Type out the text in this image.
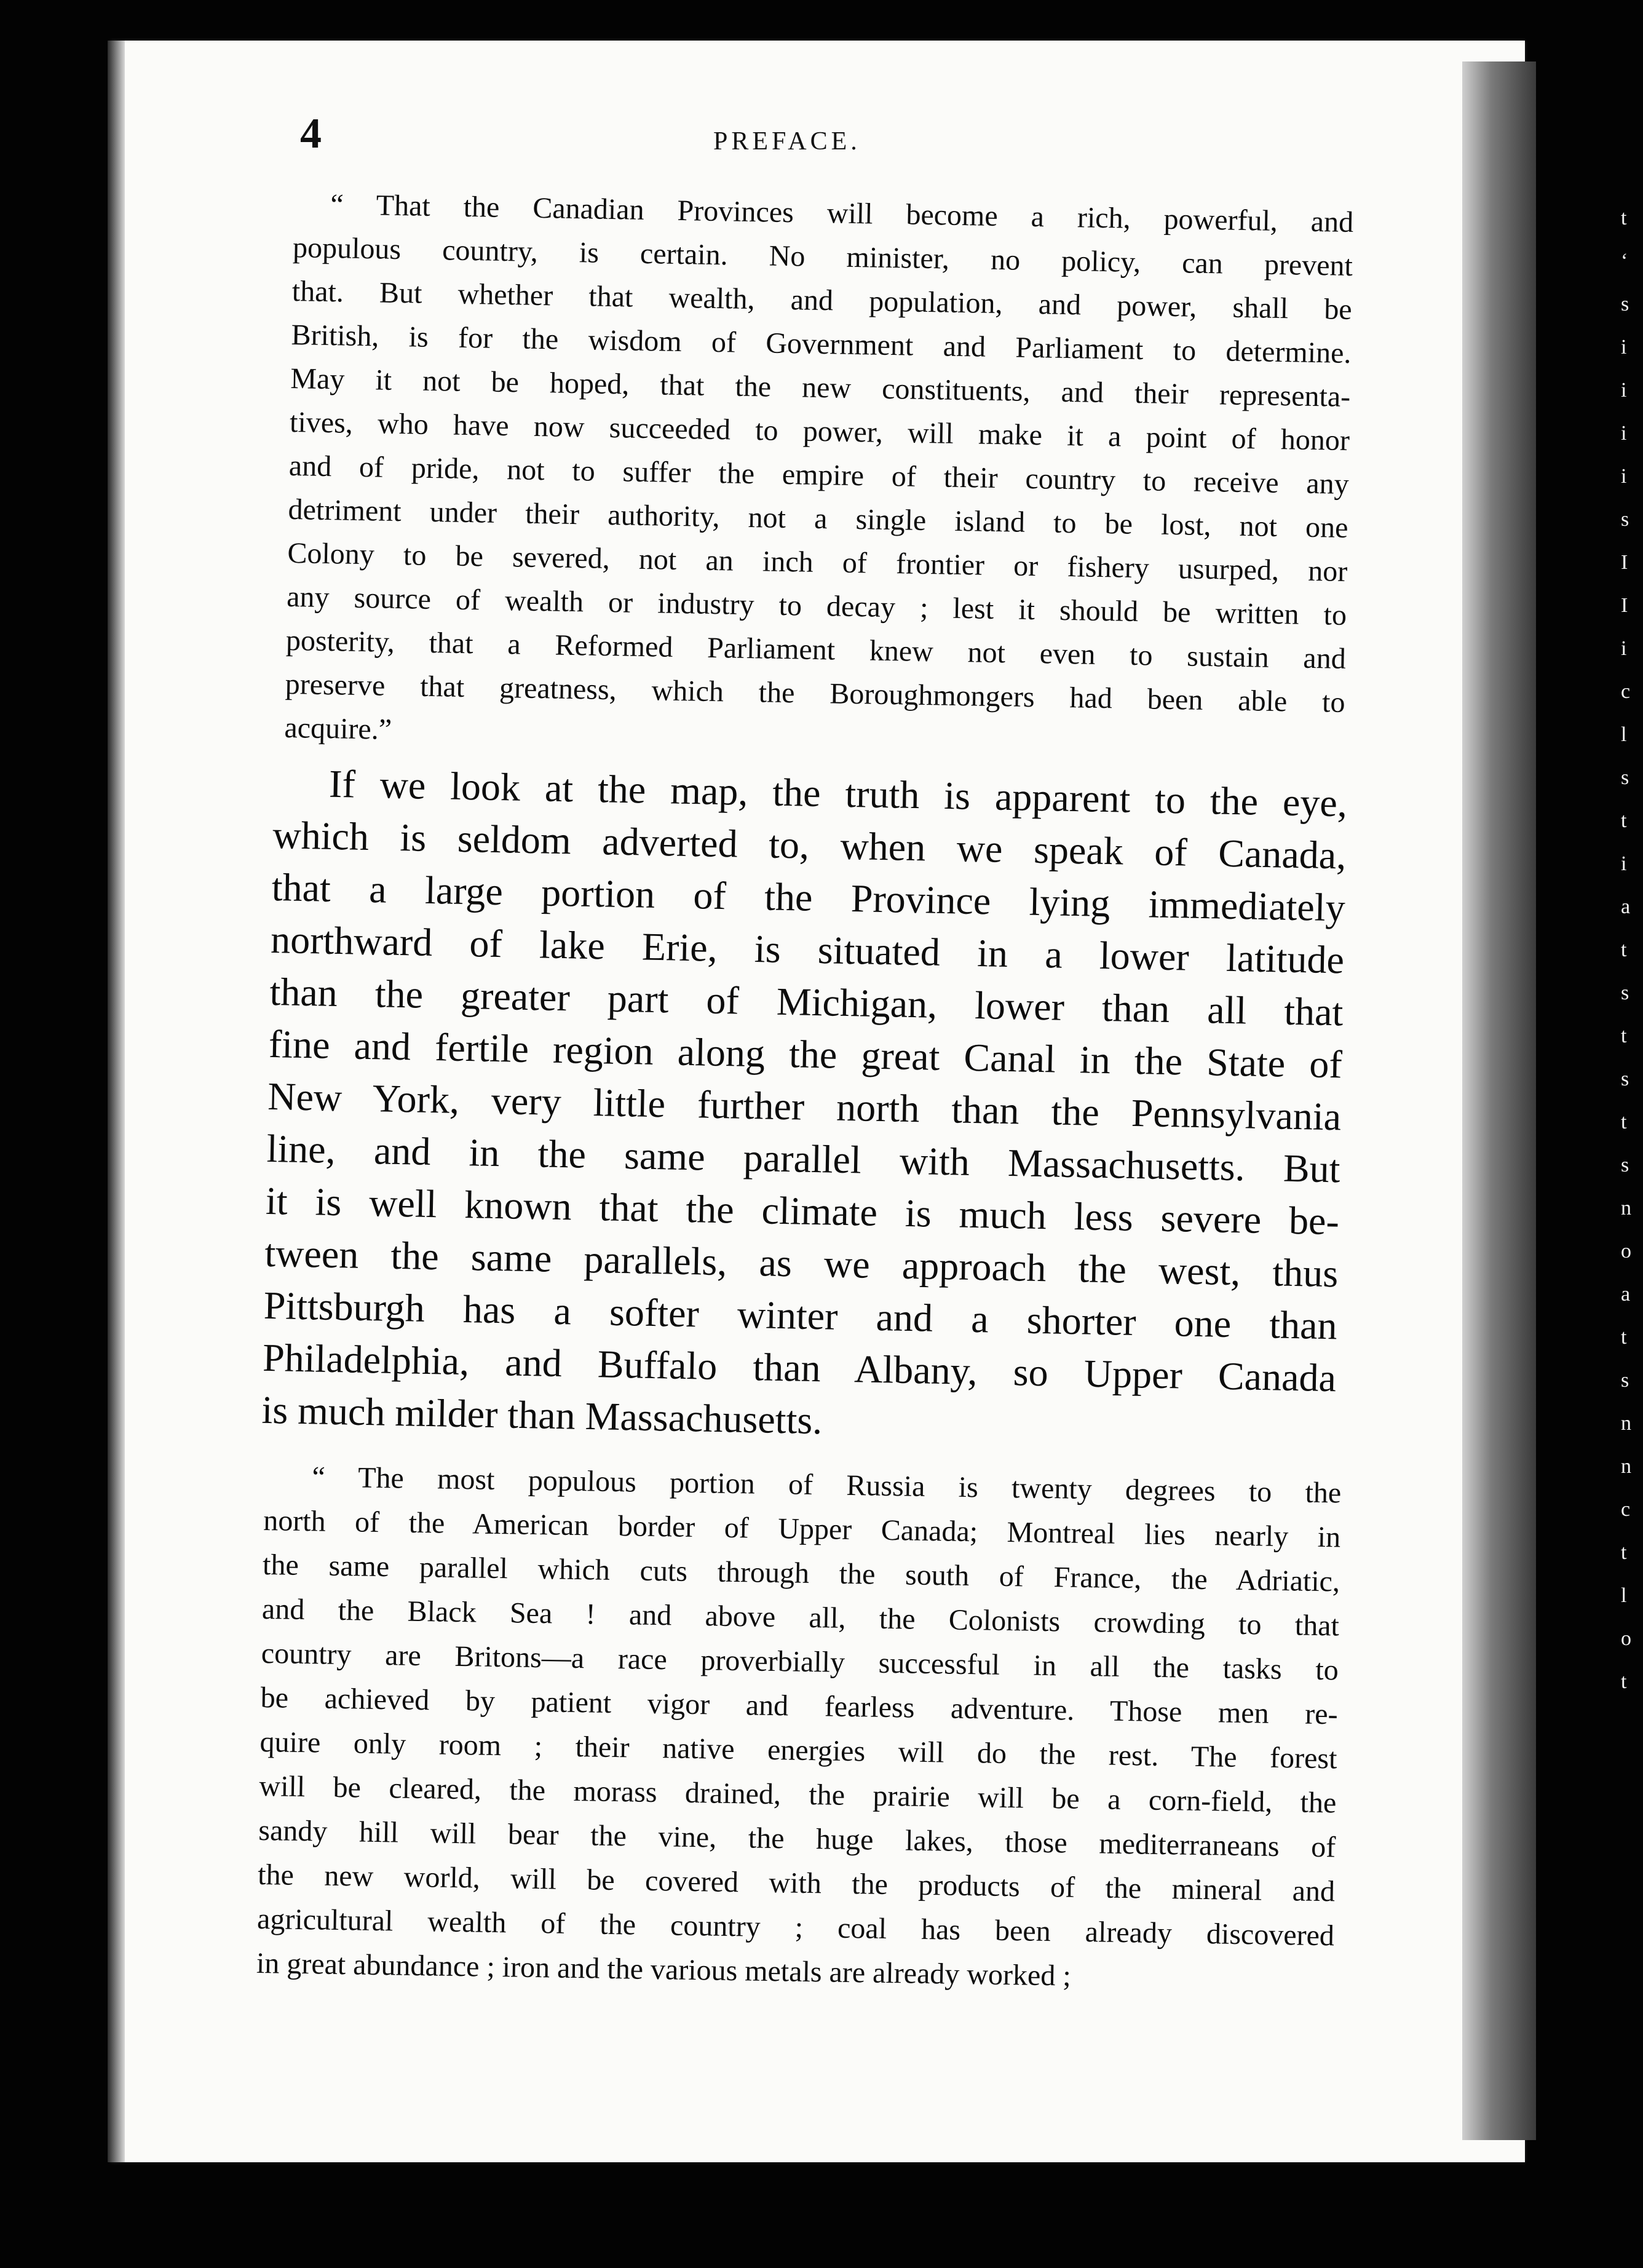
t
‘
s
i
i
i
i
s
I
I
i
c
l
s
t
i
a
t
s
t
s
t
s
n
o
a
t
s
n
n
c
t
l
o
t
4	PREFACE.
“ That the Canadian Provinces will become a rich, powerful, and
populous country, is certain. No minister, no policy, can prevent
that. But whether that wealth, and population, and power, shall be
British, is for the wisdom of Government and Parliament to determine.
May it not be hoped, that the new constituents, and their representa-
tives, who have now succeeded to power, will make it a point of honor
and of pride, not to suffer the empire of their country to receive any
detriment under their authority, not a single island to be lost, not one
Colony to be severed, not an inch of frontier or fishery usurped, nor
any source of wealth or industry to decay ; lest it should be written to
posterity, that a Reformed Parliament knew not even to sustain and
preserve that greatness, which the Boroughmongers had been able to
acquire.”
If we look at the map, the truth is apparent to the eye,
which is seldom adverted to, when we speak of Canada,
that a large portion of the Province lying immediately
northward of lake Erie, is situated in a lower latitude
than the greater part of Michigan, lower than all that
fine and fertile region along the great Canal in the State of
New York, very little further north than the Pennsylvania
line, and in the same parallel with Massachusetts. But
it is well known that the climate is much less severe be-
tween the same parallels, as we approach the west, thus
Pittsburgh has a softer winter and a shorter one than
Philadelphia, and Buffalo than Albany, so Upper Canada
is much milder than Massachusetts.
“ The most populous portion of Russia is twenty degrees to the
north of the American border of Upper Canada; Montreal lies nearly in
the same parallel which cuts through the south of France, the Adriatic,
and the Black Sea ! and above all, the Colonists crowding to that
country are Britons—a race proverbially successful in all the tasks to
be achieved by patient vigor and fearless adventure. Those men re-
quire only room ; their native energies will do the rest. The forest
will be cleared, the morass drained, the prairie will be a corn-field, the
sandy hill will bear the vine, the huge lakes, those mediterraneans of
the new world, will be covered with the products of the mineral and
agricultural wealth of the country ; coal has been already discovered
in great abundance ; iron and the various metals are already worked ;
